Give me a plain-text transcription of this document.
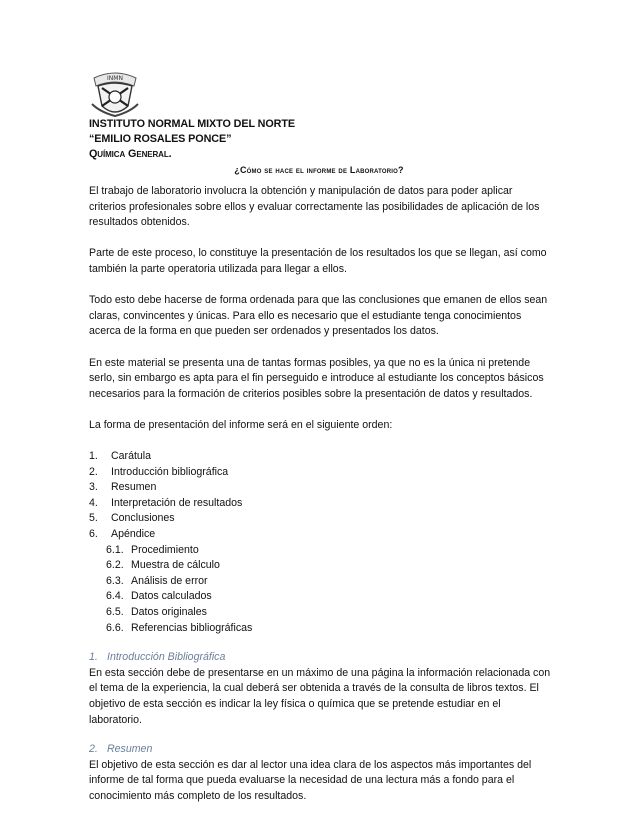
INMN
INSTITUTO NORMAL MIXTO DEL NORTE
“EMILIO ROSALES PONCE”
Química General.
¿Cómo se hace el informe de Laboratorio?

El trabajo de laboratorio involucra la obtención y manipulación de datos para poder aplicar criterios profesionales sobre ellos y evaluar correctamente las posibilidades de aplicación de los resultados obtenidos.

Parte de este proceso, lo constituye la presentación de los resultados los que se llegan, así como también la parte operatoria utilizada para llegar a ellos.

Todo esto debe hacerse de forma ordenada para que las conclusiones que emanen de ellos sean claras, convincentes y únicas. Para ello es necesario que el estudiante tenga conocimientos acerca de la forma en que pueden ser ordenados y presentados los datos.

En este material se presenta una de tantas formas posibles, ya que no es la única ni pretende serlo, sin embargo es apta para el fin perseguido e introduce al estudiante los conceptos básicos necesarios para la formación de criterios posibles sobre la presentación de datos y resultados.

La forma de presentación del informe será en el siguiente orden:

1.	Carátula
2.	Introducción bibliográfica
3.	Resumen
4.	Interpretación de resultados
5.	Conclusiones
6.	Apéndice
6.1. Procedimiento
6.2. Muestra de cálculo
6.3. Análisis de error
6.4. Datos calculados
6.5. Datos originales
6.6. Referencias bibliográficas
1. Introducción Bibliográfica
En esta sección debe de presentarse en un máximo de una página la información relacionada con el tema de la experiencia, la cual deberá ser obtenida a través de la consulta de libros textos. El objetivo de esta sección es indicar la ley física o química que se pretende estudiar en el laboratorio.
2. Resumen
El objetivo de esta sección es dar al lector una idea clara de los aspectos más importantes del informe de tal forma que pueda evaluarse la necesidad de una lectura más a fondo para el conocimiento más completo de los resultados.
